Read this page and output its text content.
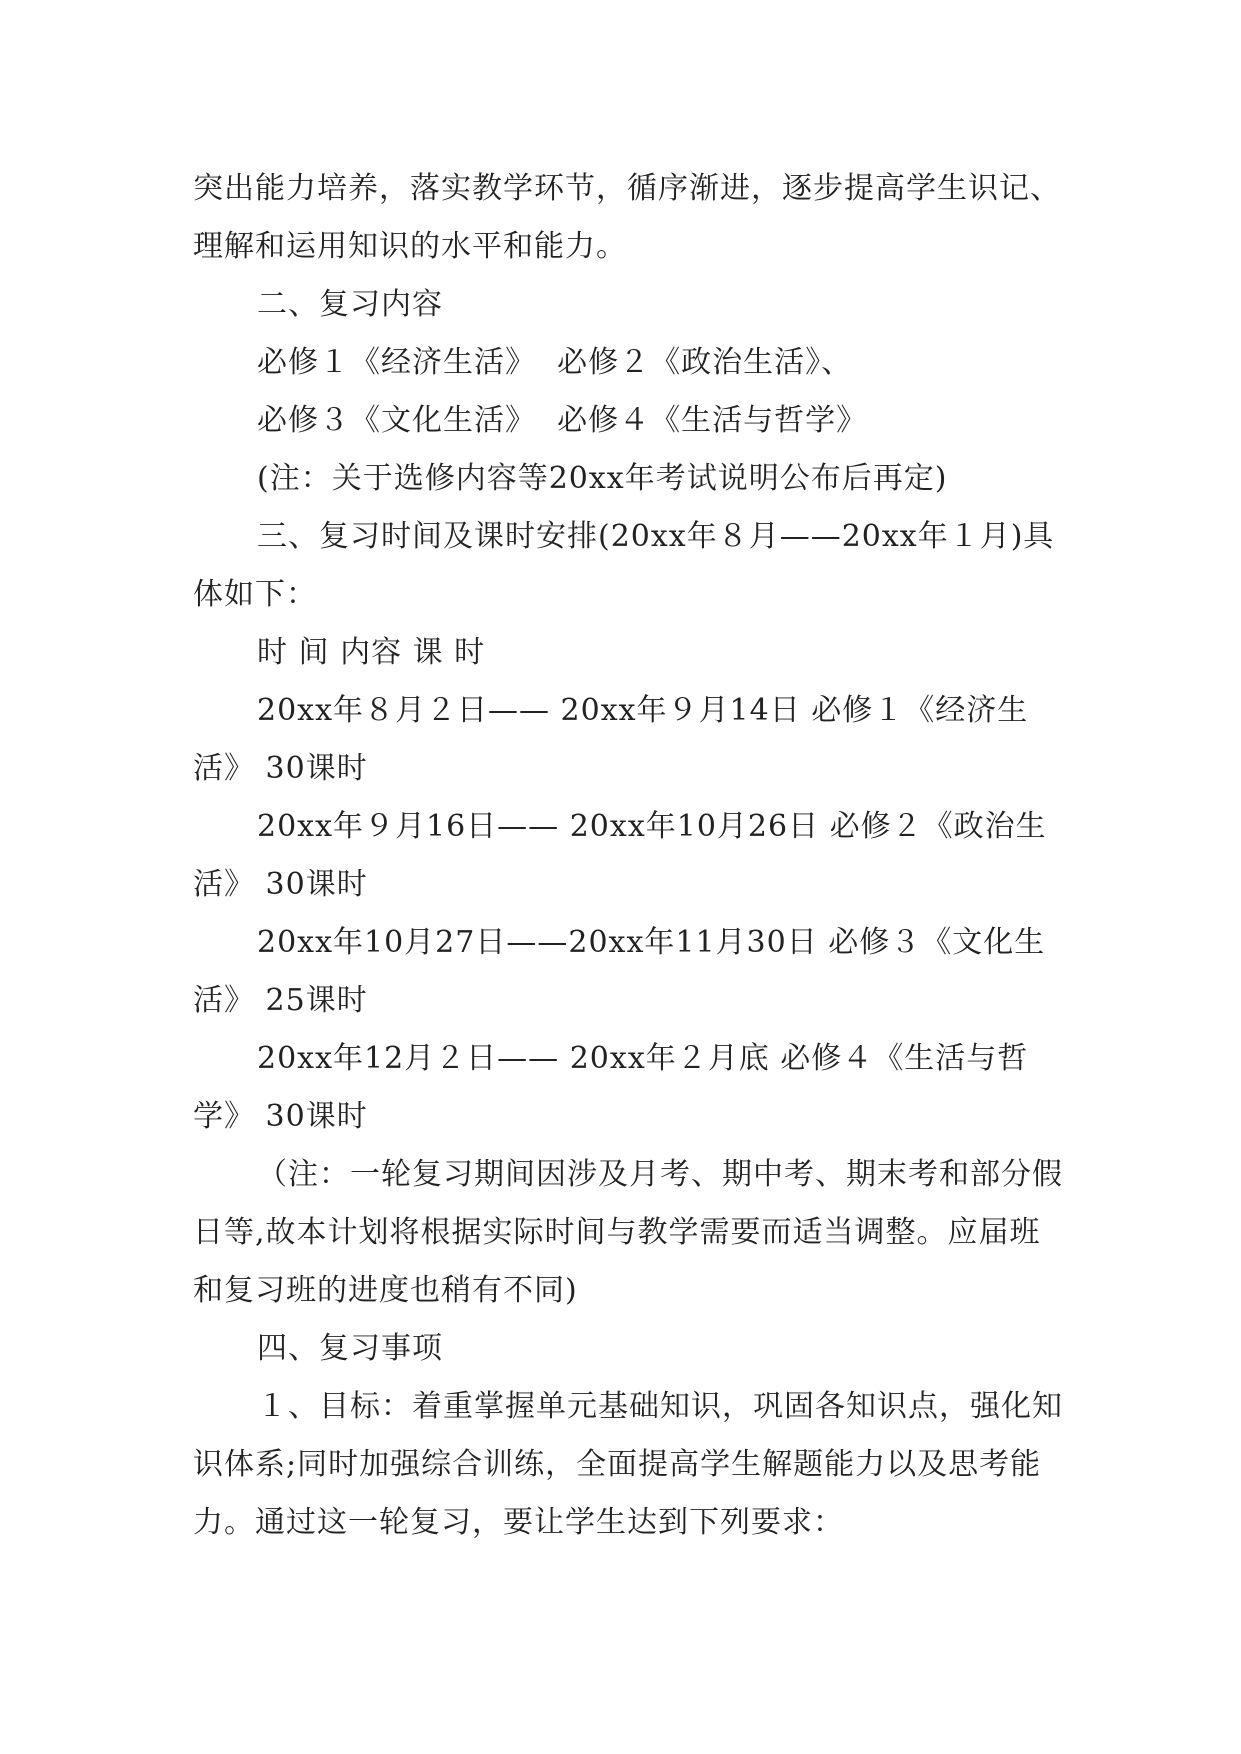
突出能力培养，落实教学环节，循序渐进，逐步提高学生识记、理解和运用知识的水平和能力。

二、复习内容

必修１《经济生活》  必修２《政治生活》、

必修３《文化生活》  必修４《生活与哲学》

(注：关于选修内容等20xx年考试说明公布后再定)

三、复习时间及课时安排(20xx年８月——20xx年１月)具体如下：

时 间 内容 课 时

20xx年８月２日—— 20xx年９月14日 必修１《经济生活》 30课时

20xx年９月16日—— 20xx年10月26日 必修２《政治生活》 30课时

20xx年10月27日——20xx年11月30日 必修３《文化生活》 25课时

20xx年12月２日—— 20xx年２月底 必修４《生活与哲学》 30课时

（注：一轮复习期间因涉及月考、期中考、期末考和部分假日等,故本计划将根据实际时间与教学需要而适当调整。应届班和复习班的进度也稍有不同)

四、复习事项

１、目标：着重掌握单元基础知识，巩固各知识点，强化知识体系;同时加强综合训练，全面提高学生解题能力以及思考能力。通过这一轮复习，要让学生达到下列要求：
